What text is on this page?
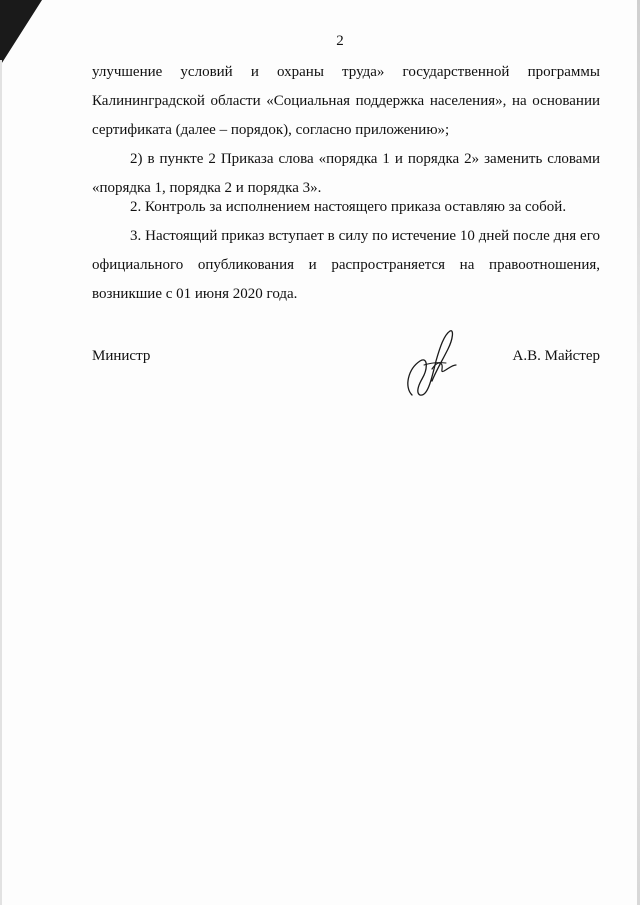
2

улучшение условий и охраны труда» государственной программы

Калининградской области «Социальная поддержка населения», на основании сертификата (далее – порядок), согласно приложению»;

2) в пункте 2 Приказа слова «порядка 1 и порядка 2» заменить словами «порядка 1, порядка 2 и порядка 3».

2. Контроль за исполнением настоящего приказа оставляю за собой.

3. Настоящий приказ вступает в силу по истечение 10 дней после дня его официального опубликования и распространяется на правоотношения, возникшие с 01 июня 2020 года.

Министр	А.В. Майстер
